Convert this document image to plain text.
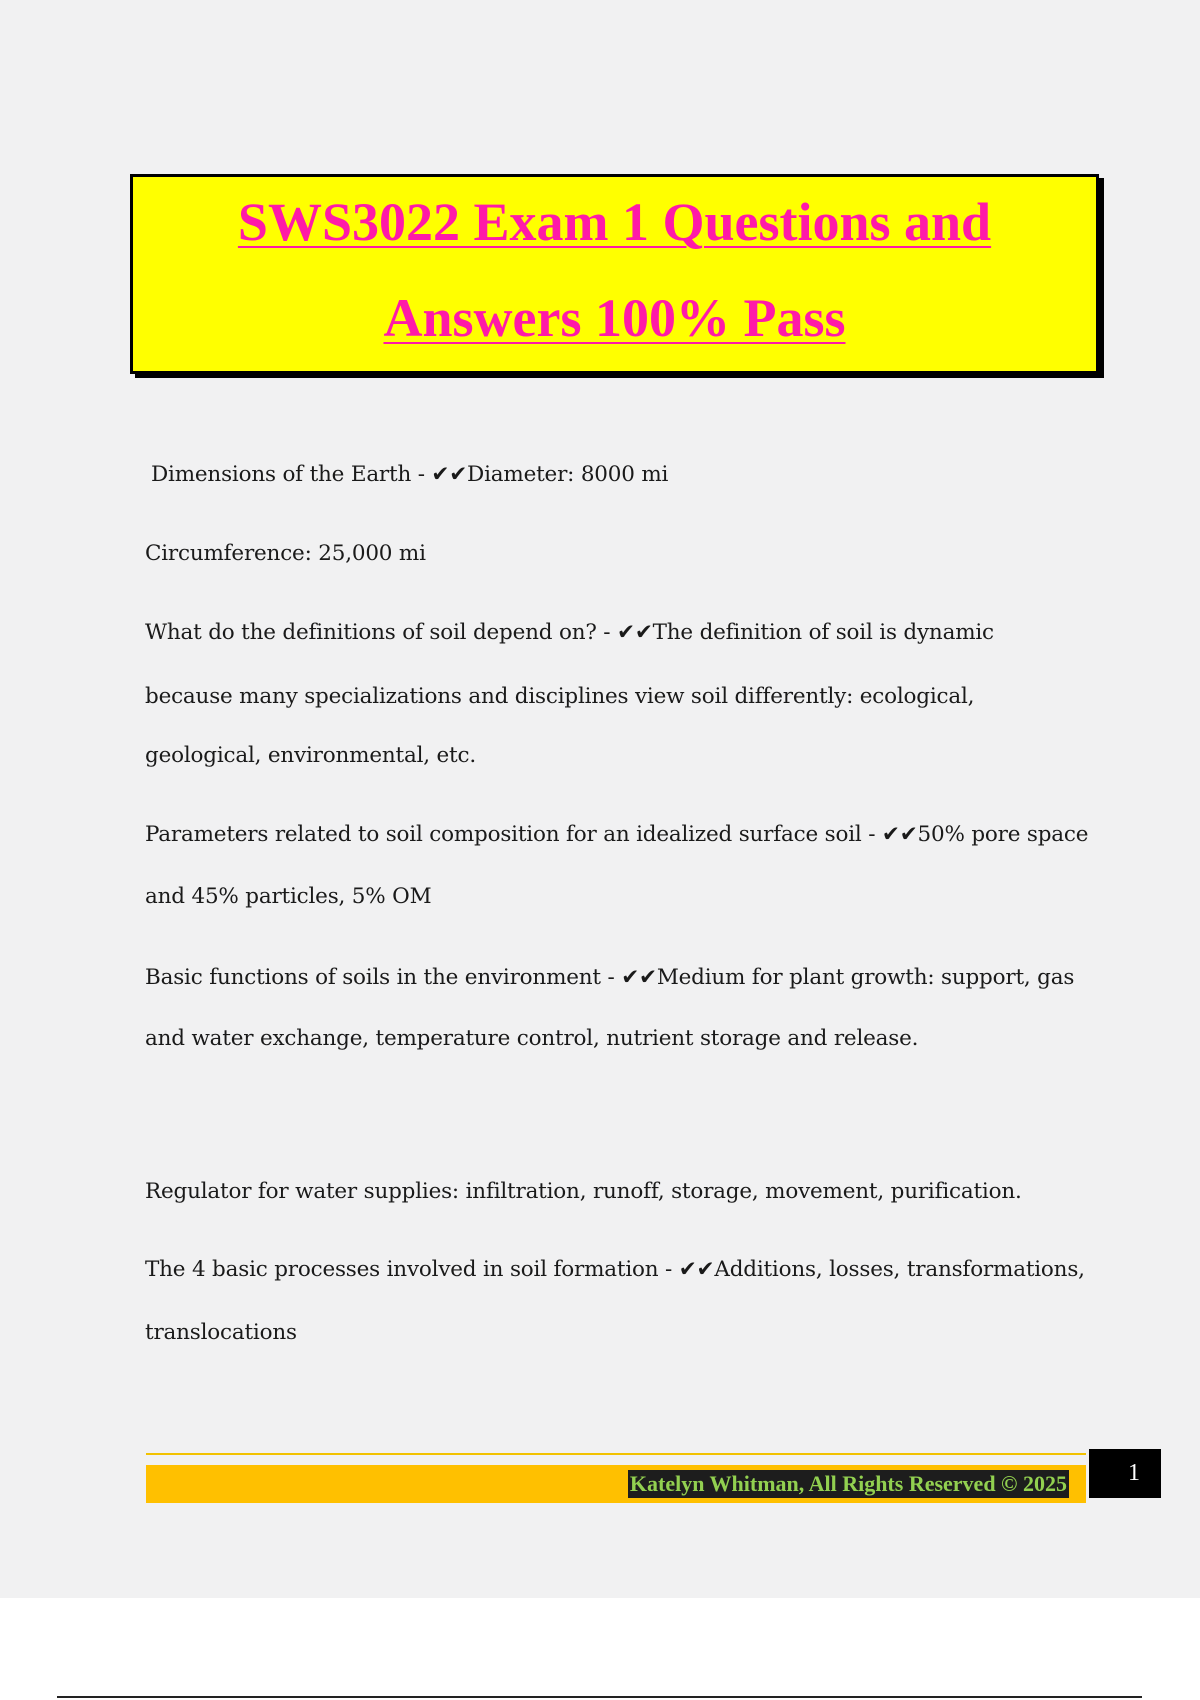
SWS3022 Exam 1 Questions and
Answers 100% Pass
Dimensions of the Earth - ✔✔Diameter: 8000 mi
Circumference: 25,000 mi
What do the definitions of soil depend on? - ✔✔The definition of soil is dynamic
because many specializations and disciplines view soil differently: ecological,
geological, environmental, etc.
Parameters related to soil composition for an idealized surface soil - ✔✔50% pore space
and 45% particles, 5% OM
Basic functions of soils in the environment - ✔✔Medium for plant growth: support, gas
and water exchange, temperature control, nutrient storage and release.
Regulator for water supplies: infiltration, runoff, storage, movement, purification.
The 4 basic processes involved in soil formation - ✔✔Additions, losses, transformations,
translocations
Katelyn Whitman, All Rights Reserved © 2025	1
